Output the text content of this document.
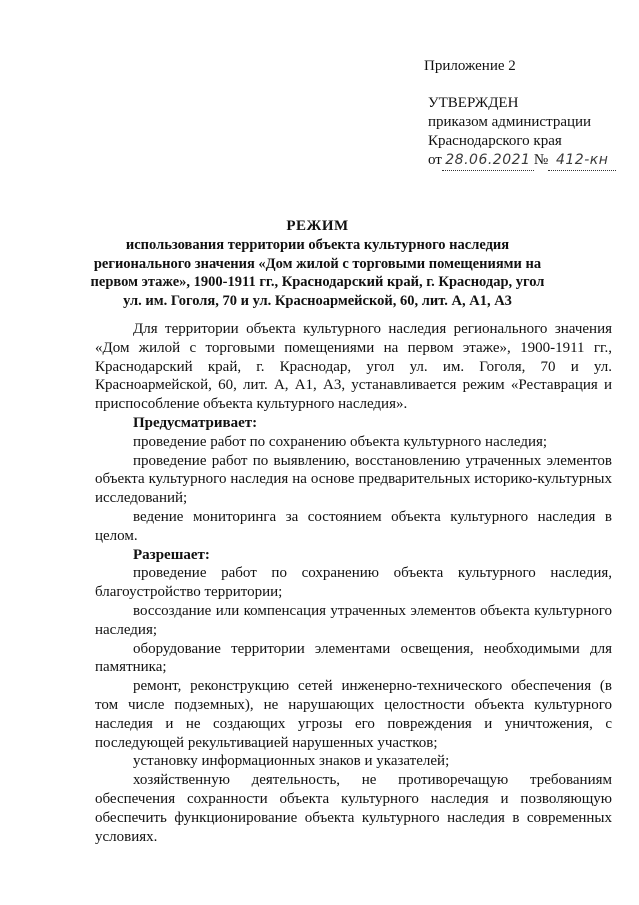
Приложение 2
УТВЕРЖДЕН
приказом администрации
Краснодарского края
от 28.06.2021 № 412-кн
РЕЖИМ
использования территории объекта культурного наследия регионального значения «Дом жилой с торговыми помещениями на первом этаже», 1900-1911 гг., Краснодарский край, г. Краснодар, угол ул. им. Гоголя, 70 и ул. Красноармейской, 60, лит. А, А1, А3

Для территории объекта культурного наследия регионального значения «Дом жилой с торговыми помещениями на первом этаже», 1900-1911 гг., Краснодарский край, г. Краснодар, угол ул. им. Гоголя, 70 и ул. Красноармейской, 60, лит. А, А1, А3, устанавливается режим «Реставрация и приспособление объекта культурного наследия».

Предусматривает:

проведение работ по сохранению объекта культурного наследия;

проведение работ по выявлению, восстановлению утраченных элементов объекта культурного наследия на основе предварительных историко-культурных исследований;

ведение мониторинга за состоянием объекта культурного наследия в целом.

Разрешает:

проведение работ по сохранению объекта культурного наследия, благоустройство территории;

воссоздание или компенсация утраченных элементов объекта культурного наследия;

оборудование территории элементами освещения, необходимыми для памятника;

ремонт, реконструкцию сетей инженерно-технического обеспечения (в том числе подземных), не нарушающих целостности объекта культурного наследия и не создающих угрозы его повреждения и уничтожения, с последующей рекультивацией нарушенных участков;

установку информационных знаков и указателей;

хозяйственную деятельность, не противоречащую требованиям обеспечения сохранности объекта культурного наследия и позволяющую обеспечить функционирование объекта культурного наследия в современных условиях.
